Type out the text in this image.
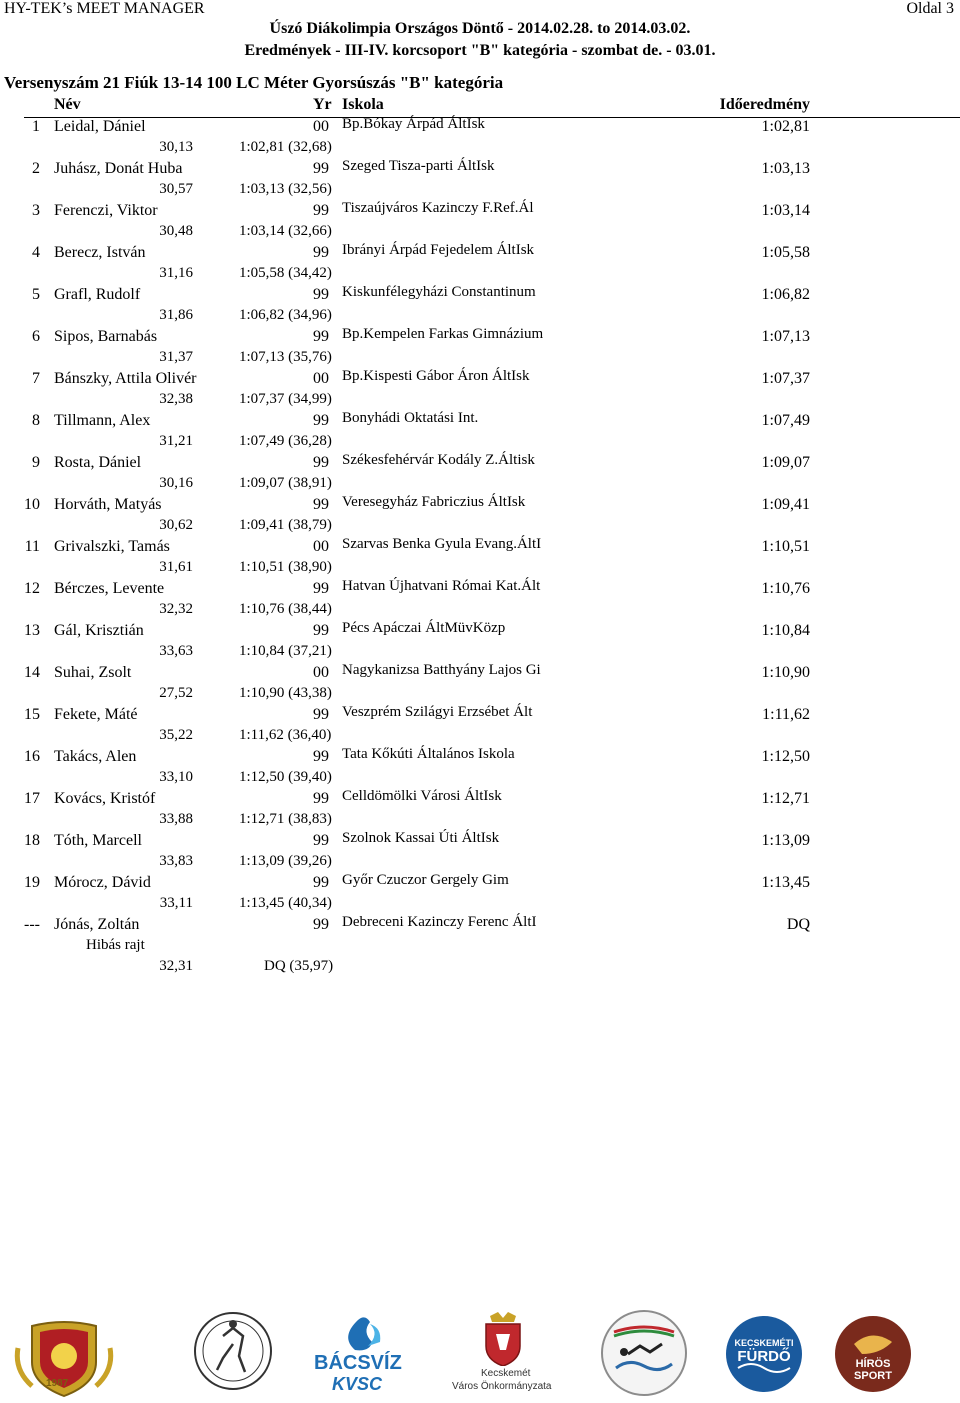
HY-TEK’s MEET MANAGER	Oldal 3
Úszó Diákolimpia Országos Döntő - 2014.02.28. to 2014.03.02.
Eredmények - III-IV. korcsoport "B" kategória - szombat de. - 03.01.
Versenyszám 21 Fiúk 13-14 100 LC Méter Gyorsúszás "B" kategória
Név	Yr Iskola	Időeredmény
1 Leidal, Dániel	00 Bp.Bókay Árpád ÁltIsk	1:02,81
30,13	1:02,81 (32,68)
2 Juhász, Donát Huba	99 Szeged Tisza-parti ÁltIsk	1:03,13
30,57	1:03,13 (32,56)
3 Ferenczi, Viktor	99 Tiszaújváros Kazinczy F.Ref.Ál	1:03,14
30,48	1:03,14 (32,66)
4 Berecz, István	99 Ibrányi Árpád Fejedelem ÁltIsk	1:05,58
31,16	1:05,58 (34,42)
5 Grafl, Rudolf	99 Kiskunfélegyházi Constantinum	1:06,82
31,86	1:06,82 (34,96)
6 Sipos, Barnabás	99 Bp.Kempelen Farkas Gimnázium	1:07,13
31,37	1:07,13 (35,76)
7 Bánszky, Attila Olivér	00 Bp.Kispesti Gábor Áron ÁltIsk	1:07,37
32,38	1:07,37 (34,99)
8 Tillmann, Alex	99 Bonyhádi Oktatási Int.	1:07,49
31,21	1:07,49 (36,28)
9 Rosta, Dániel	99 Székesfehérvár Kodály Z.Áltisk	1:09,07
30,16	1:09,07 (38,91)
10 Horváth, Matyás	99 Veresegyház Fabriczius ÁltIsk	1:09,41
30,62	1:09,41 (38,79)
11 Grivalszki, Tamás	00 Szarvas Benka Gyula Evang.ÁltI	1:10,51
31,61	1:10,51 (38,90)
12 Bérczes, Levente	99 Hatvan Újhatvani Római Kat.Ált	1:10,76
32,32	1:10,76 (38,44)
13 Gál, Krisztián	99 Pécs Apáczai ÁltMüvKözp	1:10,84
33,63	1:10,84 (37,21)
14 Suhai, Zsolt	00 Nagykanizsa Batthyány Lajos Gi	1:10,90
27,52	1:10,90 (43,38)
15 Fekete, Máté	99 Veszprém Szilágyi Erzsébet Ált	1:11,62
35,22	1:11,62 (36,40)
16 Takács, Alen	99 Tata Kőkúti Általános Iskola	1:12,50
33,10	1:12,50 (39,40)
17 Kovács, Kristóf	99 Celldömölki Városi ÁltIsk	1:12,71
33,88	1:12,71 (38,83)
18 Tóth, Marcell	99 Szolnok Kassai Úti ÁltIsk	1:13,09
33,83	1:13,09 (39,26)
19 Mórocz, Dávid	99 Győr Czuczor Gergely Gim	1:13,45
33,11	1:13,45 (40,34)
--- Jónás, Zoltán	99 Debreceni Kazinczy Ferenc ÁltI	DQ
32,31	DQ (35,97)
Hibás rajt
1987
BÁCSVÍZ
KVSC
Kecskemét
Város Önkormányzata
KECSKEMÉTI
FÜRDŐ	HÍRÖS
SPORT
